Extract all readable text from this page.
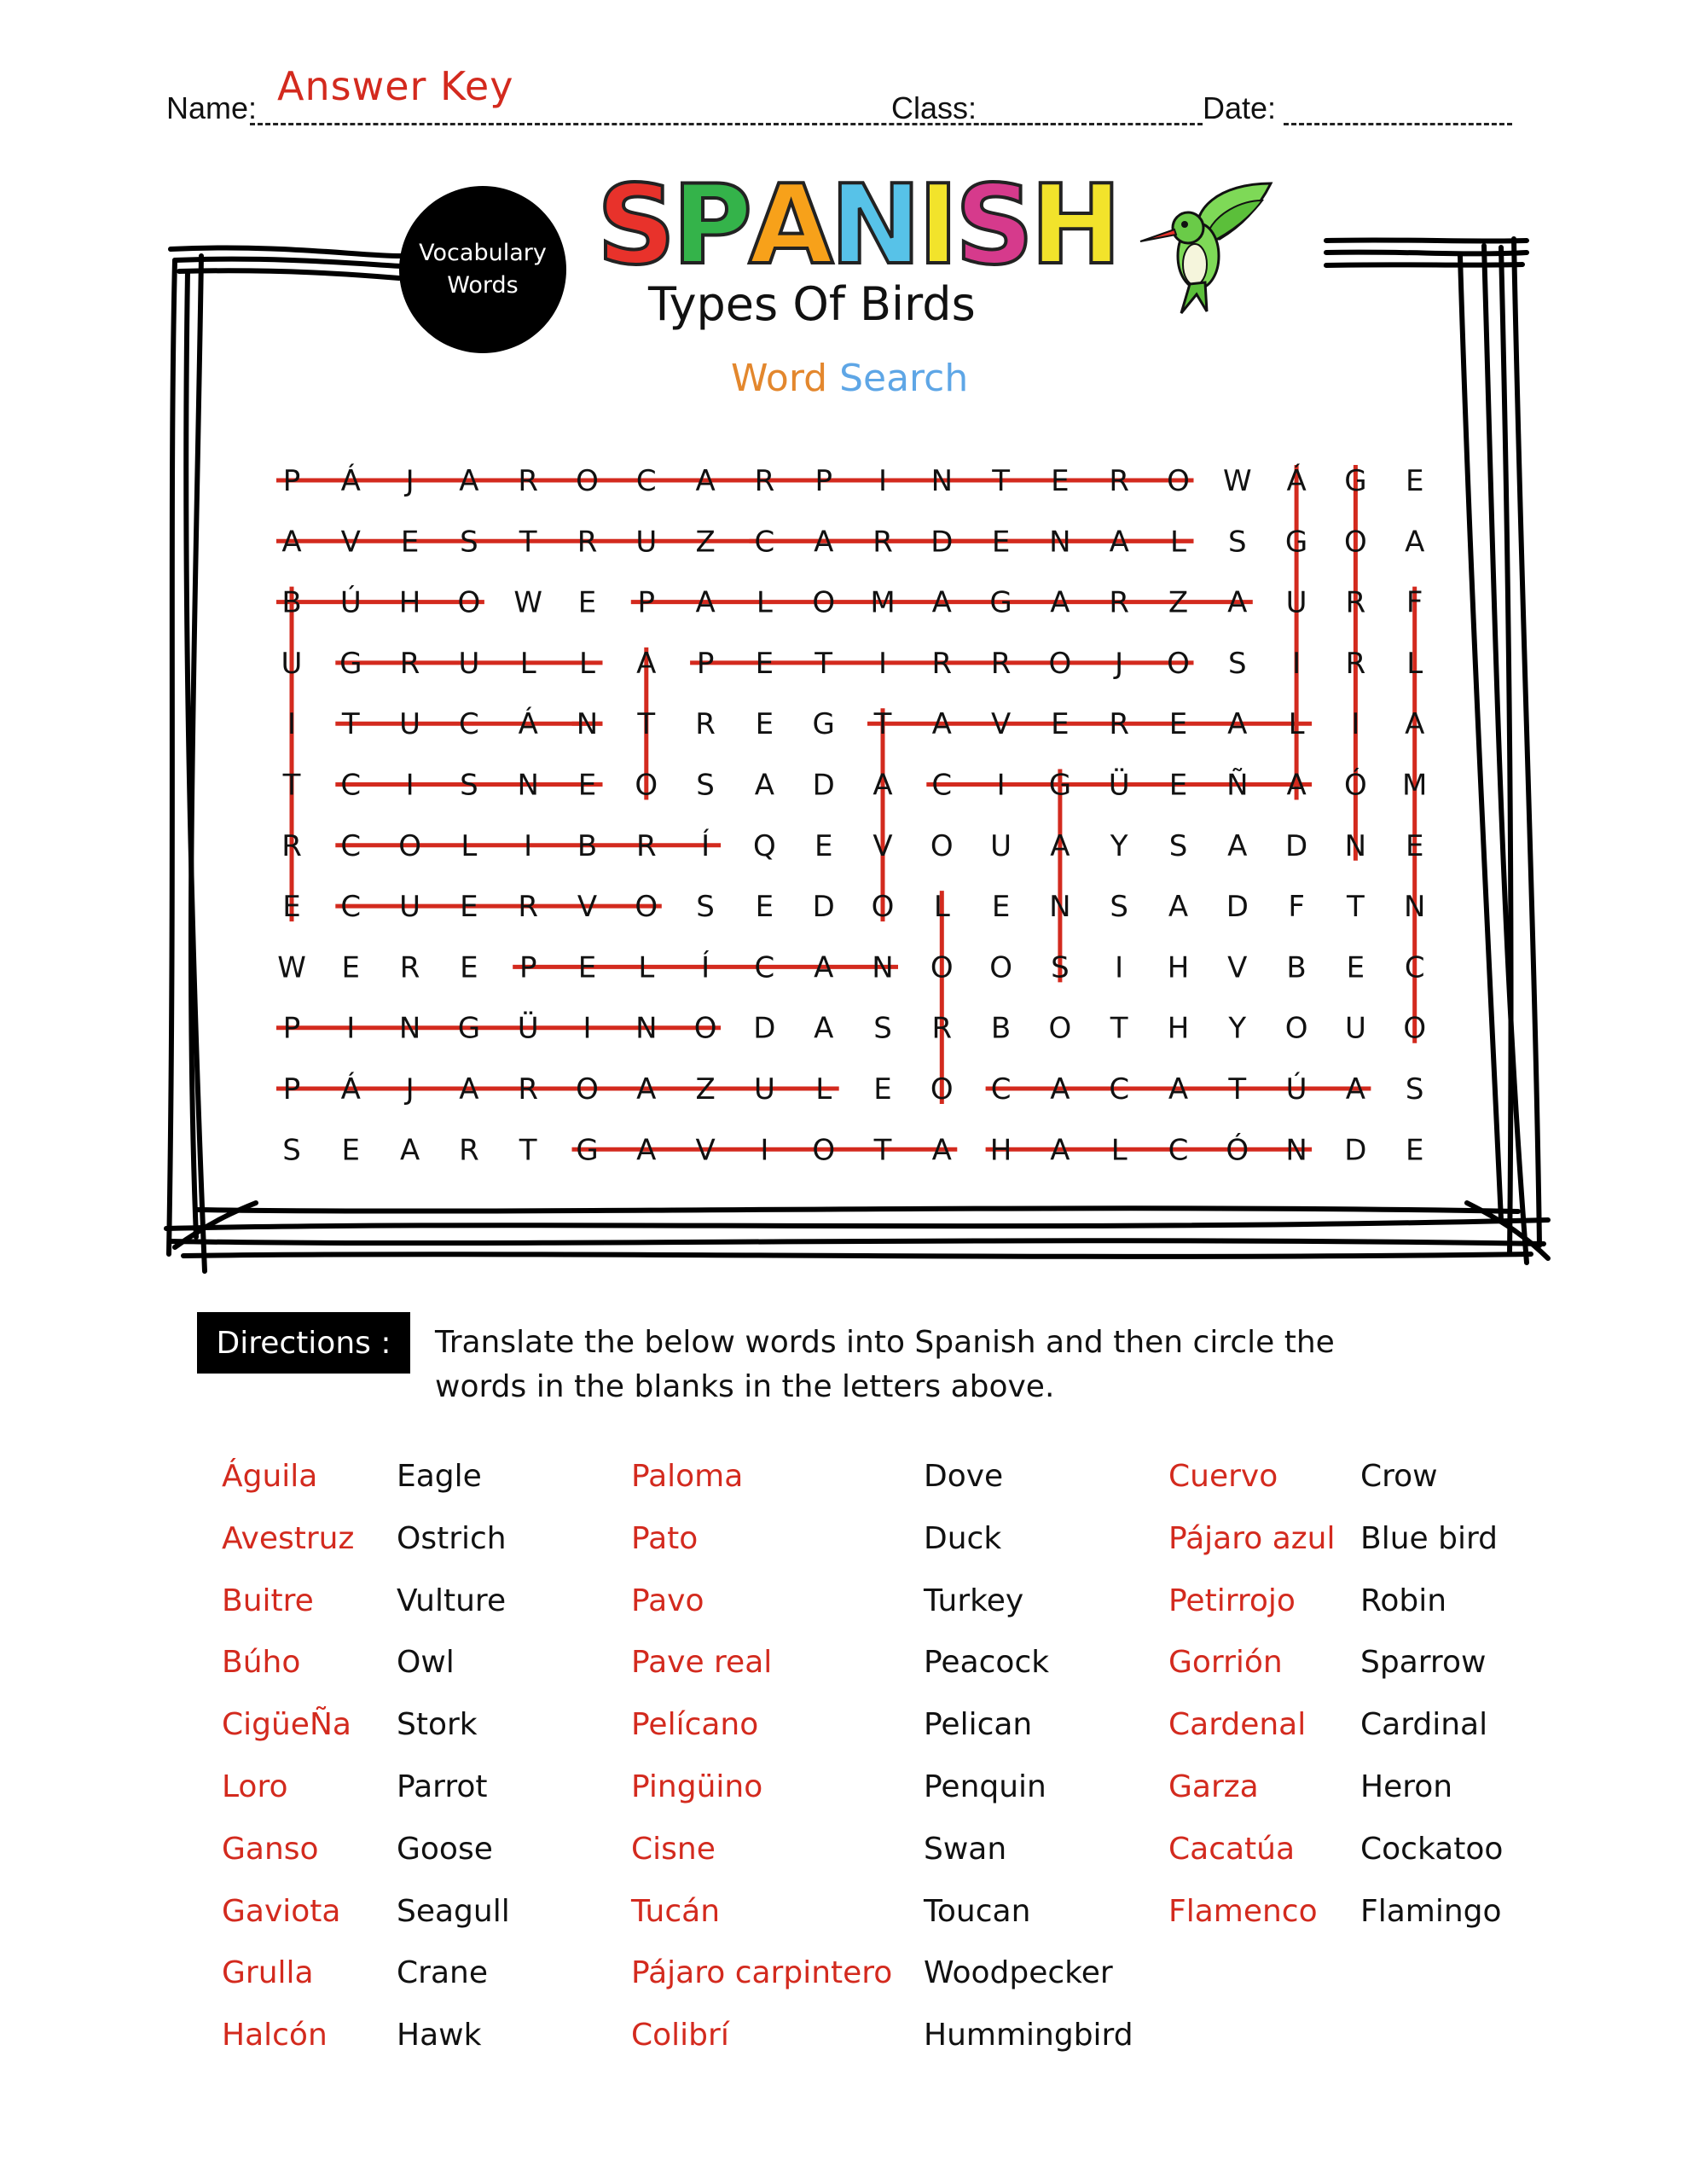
Name:	Class:	Date:
Answer Key
Vocabulary
Words S P A N I S H
Types Of Birds
Word Search
P Á J A R O C A R P I N T E R O W Á G E
A V E S T R U Z C A R D E N A L S G O A
B Ú H O W E P A L O M A G A R Z A U R F
U G R U L L A P E T I R R O J O S I R L
I T U C Á N T R E G T A V E R E A L I A
T C I S N E O S A D A C I G Ü E Ñ A Ó M
R C O L I B R Í Q E V O U A Y S A D N E
E C U E R V O S E D O L E N S A D F T N
W E R E P E L Í C A N O O S I H V B E C
P I N G Ü I N O D A S R B O T H Y O U O
P Á J A R O A Z U L E O C A C A T Ú A S
S E A R T G A V I O T A H A L C Ó N D E
Directions :	Translate the below words into Spanish and then circle the words in the blanks in the letters above.
Águila	Eagle
Avestruz Ostrich
Buitre	Vulture
Búho	Owl
CigüeÑa Stork
Loro	Parrot
Ganso	Goose
Gaviota Seagull
Grulla	Crane
Halcón Hawk
Paloma	Dove
Pato	Duck
Pavo	Turkey
Pave real	Peacock
Pelícano	Pelican
Pingüino	Penquin
Cisne	Swan
Tucán	Toucan
Pájaro carpintero Woodpecker
Colibrí	Hummingbird
Cuervo	Crow
Pájaro azul Blue bird
Petirrojo Robin
Gorrión	Sparrow
Cardenal Cardinal
Garza	Heron
Cacatúa Cockatoo
Flamenco Flamingo
